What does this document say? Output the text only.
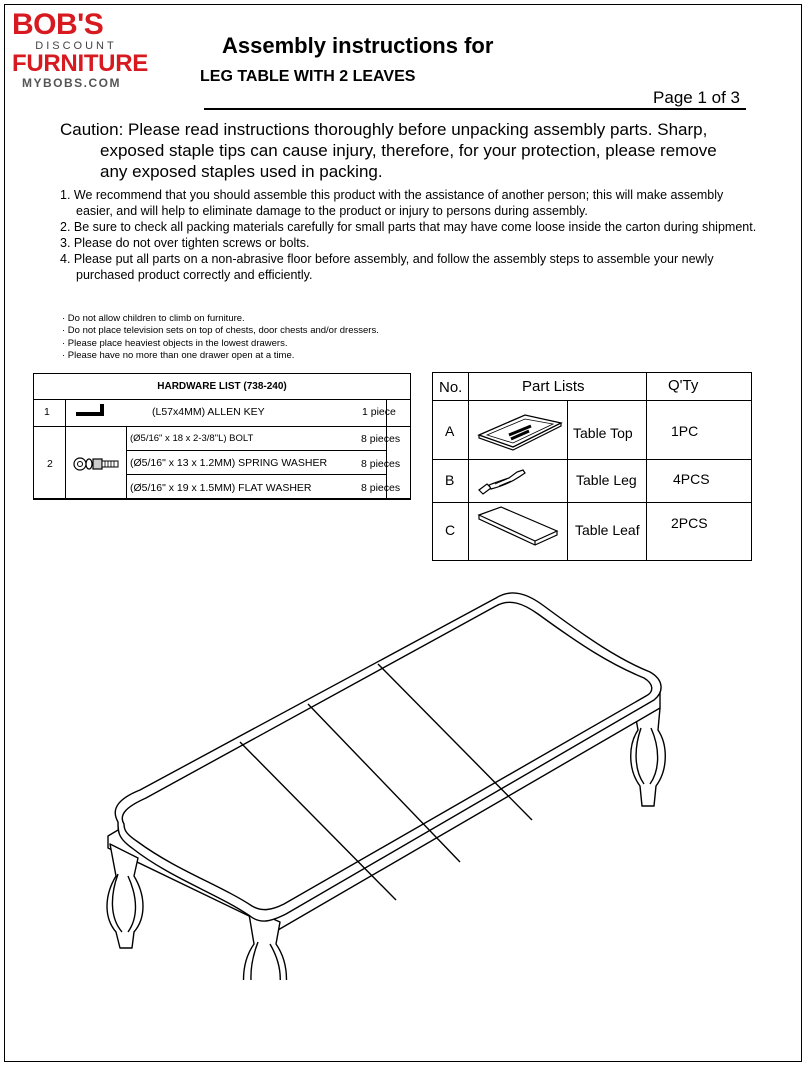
BOB'S
DISCOUNT
FURNITURE
MYBOBS.COM
Assembly instructions for
LEG TABLE WITH 2 LEAVES
Page 1 of 3
Caution: Please read instructions thoroughly before unpacking assembly parts. Sharp,
exposed staple tips can cause injury, therefore, for your protection, please remove
any exposed staples used in packing.
1. We recommend that you should assemble this product with the assistance of another person; this will make assembly easier, and will help to eliminate damage to the product or injury to persons during assembly.
2. Be sure to check all packing materials carefully for small parts that may have come loose inside the carton during shipment.
3. Please do not over tighten screws or bolts.
4. Please put all parts on a non-abrasive floor before assembly, and follow the assembly steps to assemble your newly purchased product correctly and efficiently.
· Do not allow children to climb on furniture.
· Do not place television sets on top of chests, door chests and/or dressers.
· Please place heaviest objects in the lowest drawers.
· Please have no more than one drawer open at a time.
HARDWARE LIST (738-240)
1	(L57x4MM) ALLEN KEY	1 piece
2
(Ø5/16" x 18 x 2-3/8"L) BOLT	8 pieces
(Ø5/16" x 13 x 1.2MM) SPRING WASHER	8 pieces
(Ø5/16" x 19 x 1.5MM) FLAT WASHER	8 pieces
No.	Part Lists	Q'Ty
A	Table Top	1PC
B	Table Leg	4PCS
C	Table Leaf 2PCS
